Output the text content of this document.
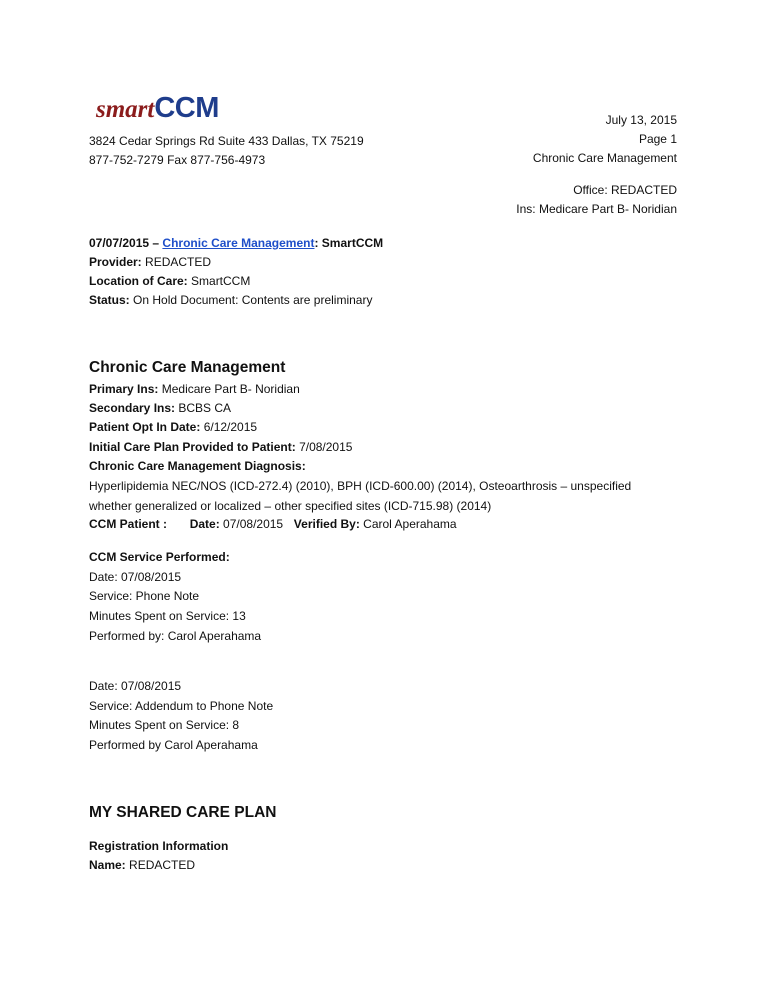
smartCCM
3824 Cedar Springs Rd Suite 433 Dallas, TX 75219
877-752-7279 Fax 877-756-4973
July 13, 2015
Page 1
Chronic Care Management
Office: REDACTED
Ins: Medicare Part B- Noridian
07/07/2015 – Chronic Care Management: SmartCCM
Provider: REDACTED
Location of Care: SmartCCM
Status: On Hold Document: Contents are preliminary
Chronic Care Management
Primary Ins: Medicare Part B- Noridian
Secondary Ins: BCBS CA
Patient Opt In Date: 6/12/2015
Initial Care Plan Provided to Patient: 7/08/2015
Chronic Care Management Diagnosis:
Hyperlipidemia NEC/NOS (ICD-272.4) (2010), BPH (ICD-600.00) (2014), Osteoarthrosis – unspecified
whether generalized or localized – other specified sites (ICD-715.98) (2014)
CCM Patient : Date: 07/08/2015 Verified By: Carol Aperahama
CCM Service Performed:
Date: 07/08/2015
Service: Phone Note
Minutes Spent on Service: 13
Performed by: Carol Aperahama
Date: 07/08/2015
Service: Addendum to Phone Note
Minutes Spent on Service: 8
Performed by Carol Aperahama
MY SHARED CARE PLAN
Registration Information
Name: REDACTED
